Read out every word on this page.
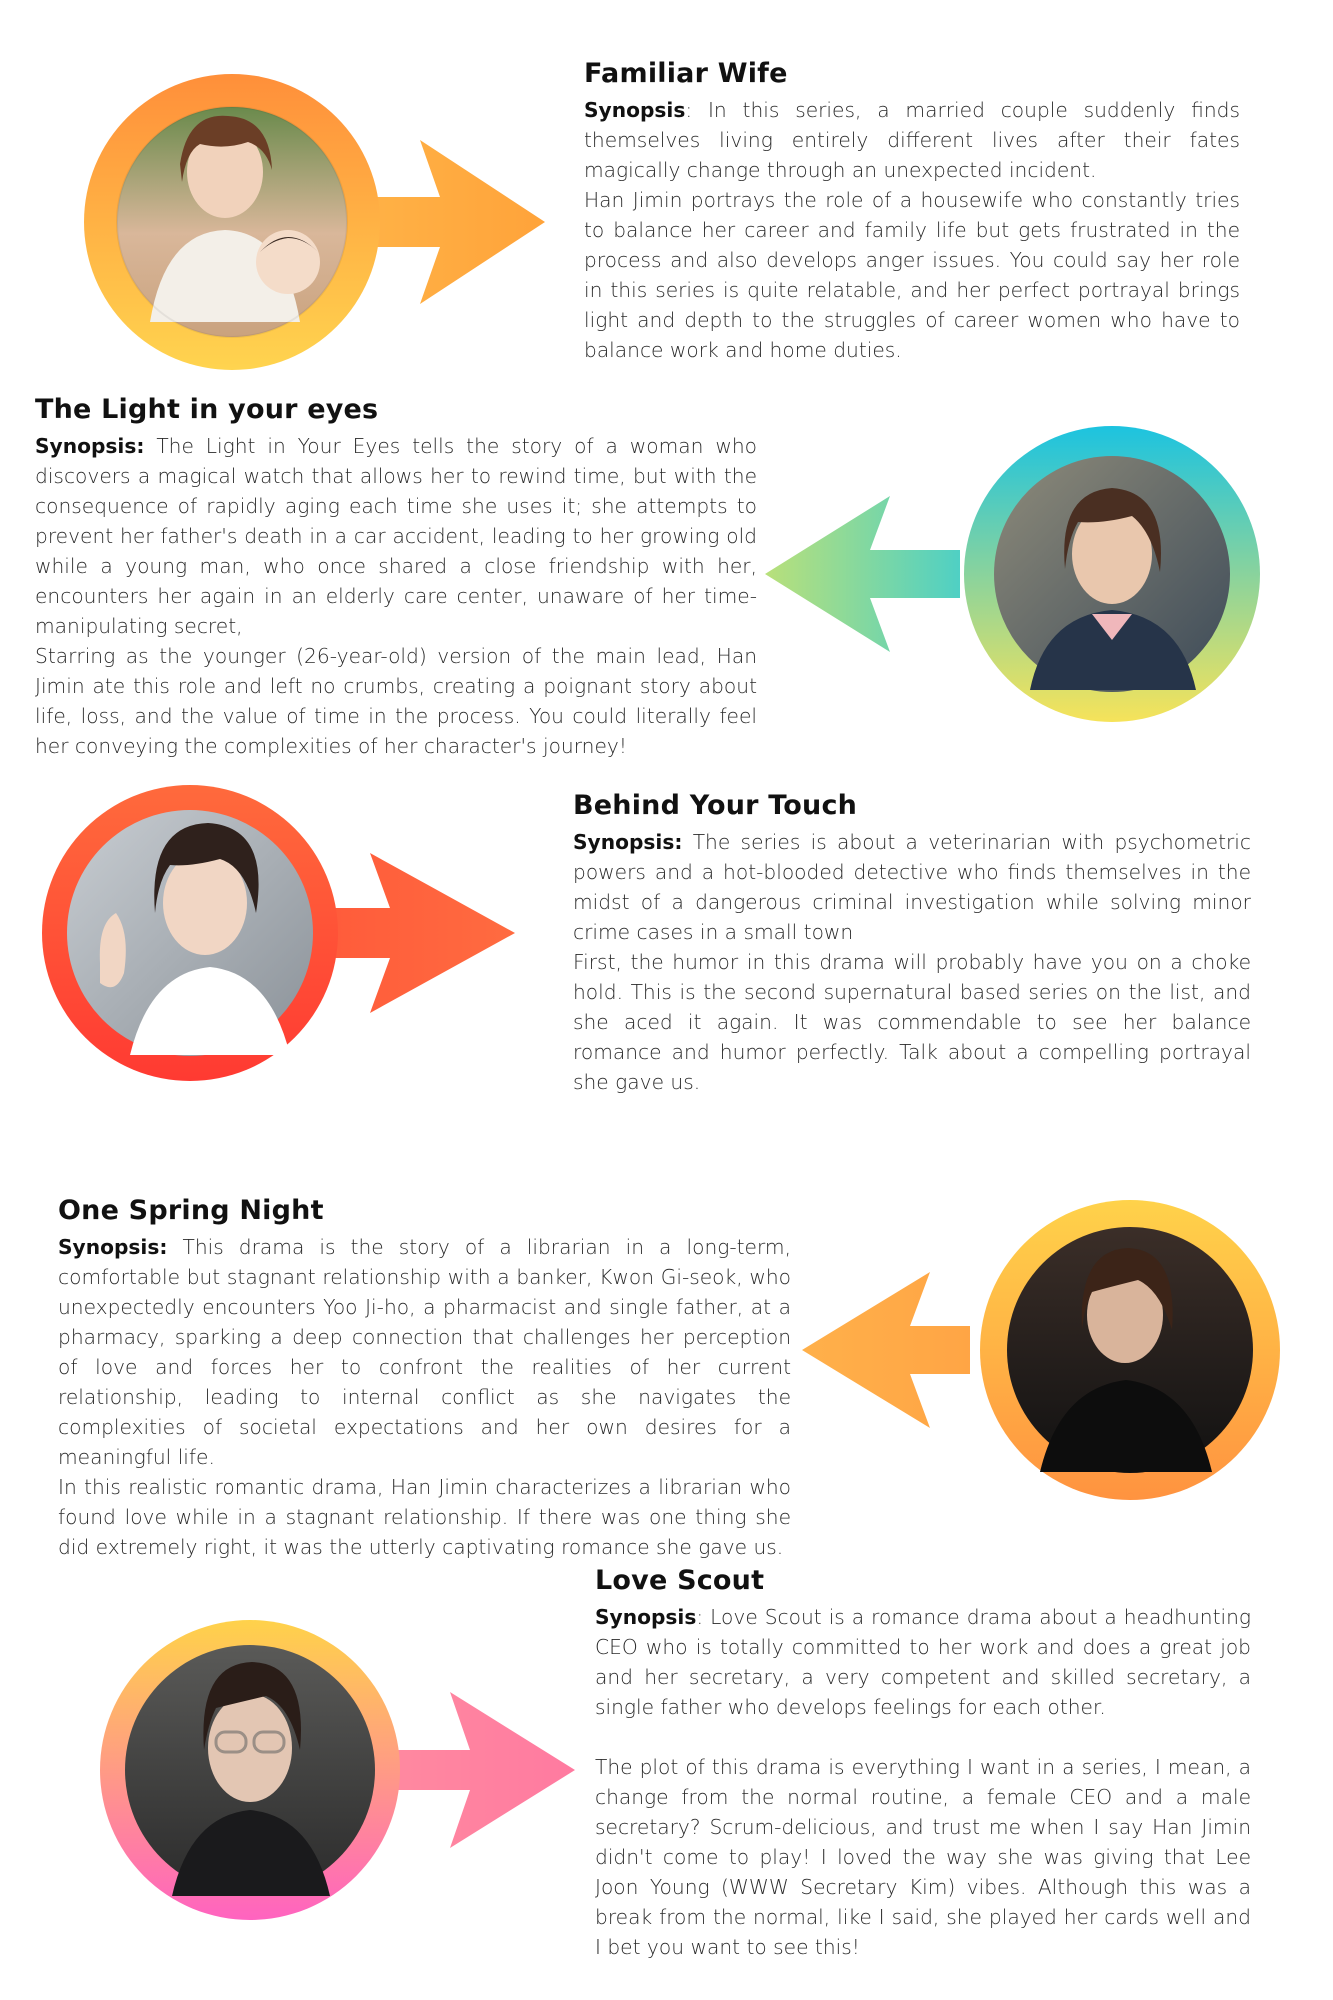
Familiar Wife

Synopsis: In this series, a married couple suddenly finds themselves living entirely different lives after their fates magically change through an unexpected incident.

Han Jimin portrays the role of a housewife who constantly tries to balance her career and family life but gets frustrated in the process and also develops anger issues. You could say her role in this series is quite relatable, and her perfect portrayal brings light and depth to the struggles of career women who have to balance work and home duties.

The Light in your eyes

Synopsis: The Light in Your Eyes tells the story of a woman who discovers a magical watch that allows her to rewind time, but with the consequence of rapidly aging each time she uses it; she attempts to prevent her father's death in a car accident, leading to her growing old while a young man, who once shared a close friendship with her, encounters her again in an elderly care center, unaware of her time-manipulating secret,

Starring as the younger (26-year-old) version of the main lead, Han Jimin ate this role and left no crumbs, creating a poignant story about life, loss, and the value of time in the process. You could literally feel her conveying the complexities of her character's journey!

Behind Your Touch

Synopsis: The series is about a veterinarian with psychometric powers and a hot-blooded detective who finds themselves in the midst of a dangerous criminal investigation while solving minor crime cases in a small town

First, the humor in this drama will probably have you on a choke hold. This is the second supernatural based series on the list, and she aced it again. It was commendable to see her balance romance and humor perfectly. Talk about a compelling portrayal she gave us.

One Spring Night

Synopsis: This drama is the story of a librarian in a long-term, comfortable but stagnant relationship with a banker, Kwon Gi-seok, who unexpectedly encounters Yoo Ji-ho, a pharmacist and single father, at a pharmacy, sparking a deep connection that challenges her perception of love and forces her to confront the realities of her current relationship, leading to internal conflict as she navigates the complexities of societal expectations and her own desires for a meaningful life.

In this realistic romantic drama, Han Jimin characterizes a librarian who found love while in a stagnant relationship. If there was one thing she did extremely right, it was the utterly captivating romance she gave us.

Love Scout

Synopsis: Love Scout is a romance drama about a headhunting CEO who is totally committed to her work and does a great job and her secretary, a very competent and skilled secretary, a single father who develops feelings for each other.

The plot of this drama is everything I want in a series, I mean, a change from the normal routine, a female CEO and a male secretary? Scrum-delicious, and trust me when I say Han Jimin didn't come to play! I loved the way she was giving that Lee Joon Young (WWW Secretary Kim) vibes. Although this was a break from the normal, like I said, she played her cards well and I bet you want to see this!
